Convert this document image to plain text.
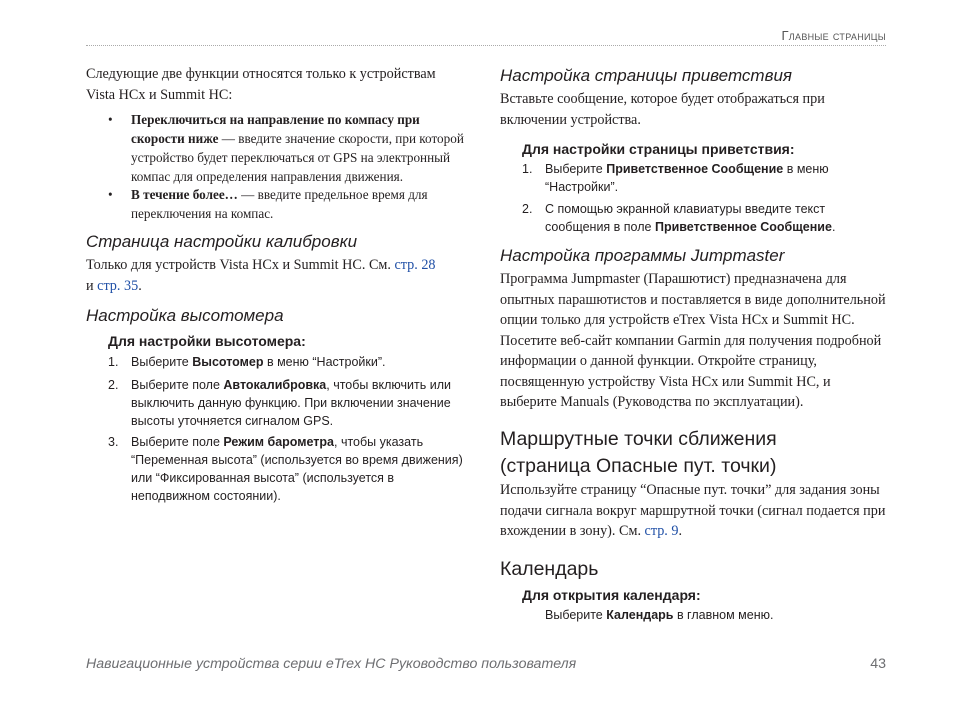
Главные страницы

Следующие две функции относятся только к устройствам Vista HCx и Summit HC:

• Переключиться на направление по компасу при скорости ниже — введите значение скорости, при которой устройство будет переключаться от GPS на электронный компас для определения направления движения.
• В течение более… — введите предельное время для переключения на компас.
Страница настройки калибровки

Только для устройств Vista HCx и Summit HC. См. стр. 28 и стр. 35.

Настройка высотомера
Для настройки высотомера:
1. Выберите Высотомер в меню “Настройки”.
2. Выберите поле Автокалибровка, чтобы включить или выключить данную функцию. При включении значение высоты уточняется сигналом GPS.
3. Выберите поле Режим барометра, чтобы указать “Переменная высота” (используется во время движения) или “Фиксированная высота” (используется в неподвижном состоянии).
Настройка страницы приветствия

Вставьте сообщение, которое будет отображаться при включении устройства.

Для настройки страницы приветствия:
1. Выберите Приветственное Сообщение в меню “Настройки”.
2. С помощью экранной клавиатуры введите текст сообщения в поле Приветственное Сообщение.
Настройка программы Jumpmaster

Программа Jumpmaster (Парашютист) предназначена для опытных парашютистов и поставляется в виде дополнительной опции только для устройств eTrex Vista HCx и Summit HC. Посетите веб-сайт компании Garmin для получения подробной информации о данной функции. Откройте страницу, посвященную устройству Vista HCx или Summit HC, и выберите Manuals (Руководства по эксплуатации).

Маршрутные точки сближения (страница Опасные пут. точки)

Используйте страницу “Опасные пут. точки” для задания зоны подачи сигнала вокруг маршрутной точки (сигнал подается при вхождении в зону). См. стр. 9.

Календарь
Для открытия календаря:
Выберите Календарь в главном меню.
Навигационные устройства серии eTrex HC Руководство пользователя	43
